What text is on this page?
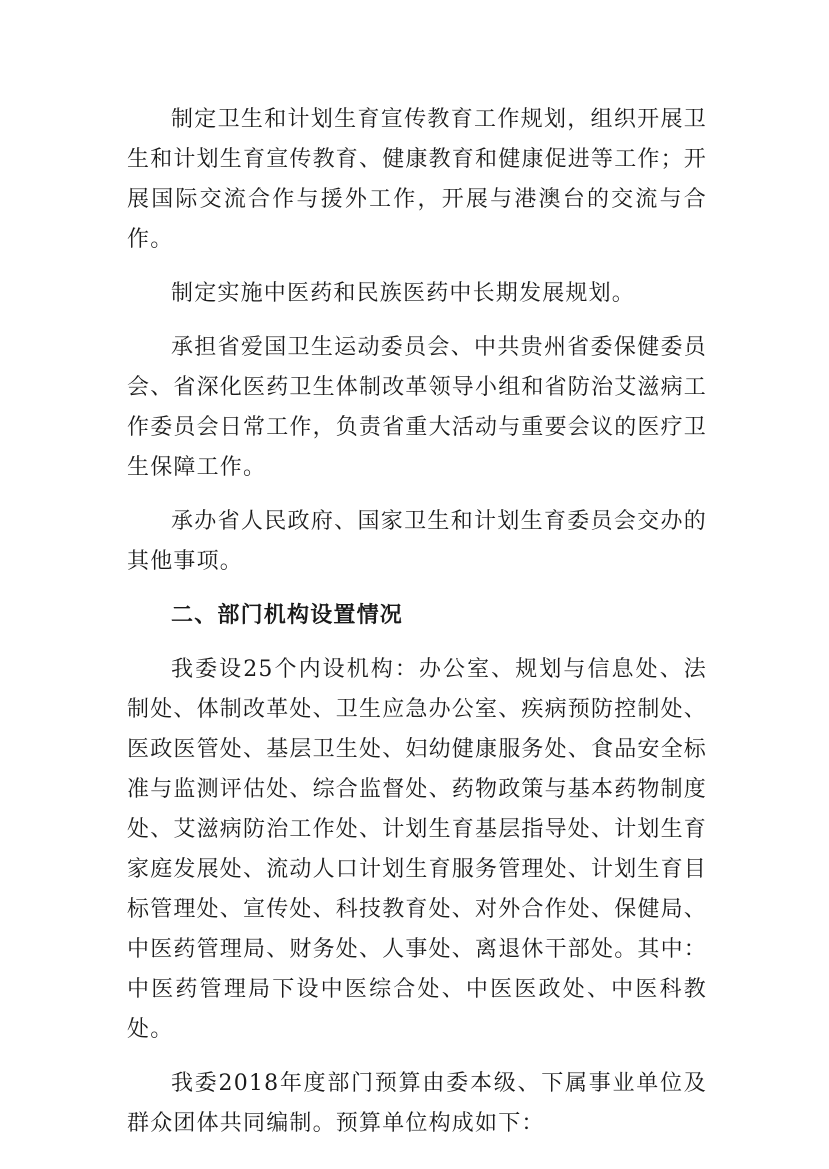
制定卫生和计划生育宣传教育工作规划，组织开展卫生和计划生育宣传教育、健康教育和健康促进等工作；开展国际交流合作与援外工作，开展与港澳台的交流与合作。

制定实施中医药和民族医药中长期发展规划。

承担省爱国卫生运动委员会、中共贵州省委保健委员会、省深化医药卫生体制改革领导小组和省防治艾滋病工作委员会日常工作，负责省重大活动与重要会议的医疗卫生保障工作。

承办省人民政府、国家卫生和计划生育委员会交办的其他事项。

二、部门机构设置情况

我委设25个内设机构：办公室、规划与信息处、法制处、体制改革处、卫生应急办公室、疾病预防控制处、医政医管处、基层卫生处、妇幼健康服务处、食品安全标准与监测评估处、综合监督处、药物政策与基本药物制度处、艾滋病防治工作处、计划生育基层指导处、计划生育家庭发展处、流动人口计划生育服务管理处、计划生育目标管理处、宣传处、科技教育处、对外合作处、保健局、中医药管理局、财务处、人事处、离退休干部处。其中：中医药管理局下设中医综合处、中医医政处、中医科教处。

我委2018年度部门预算由委本级、下属事业单位及群众团体共同编制。预算单位构成如下：
